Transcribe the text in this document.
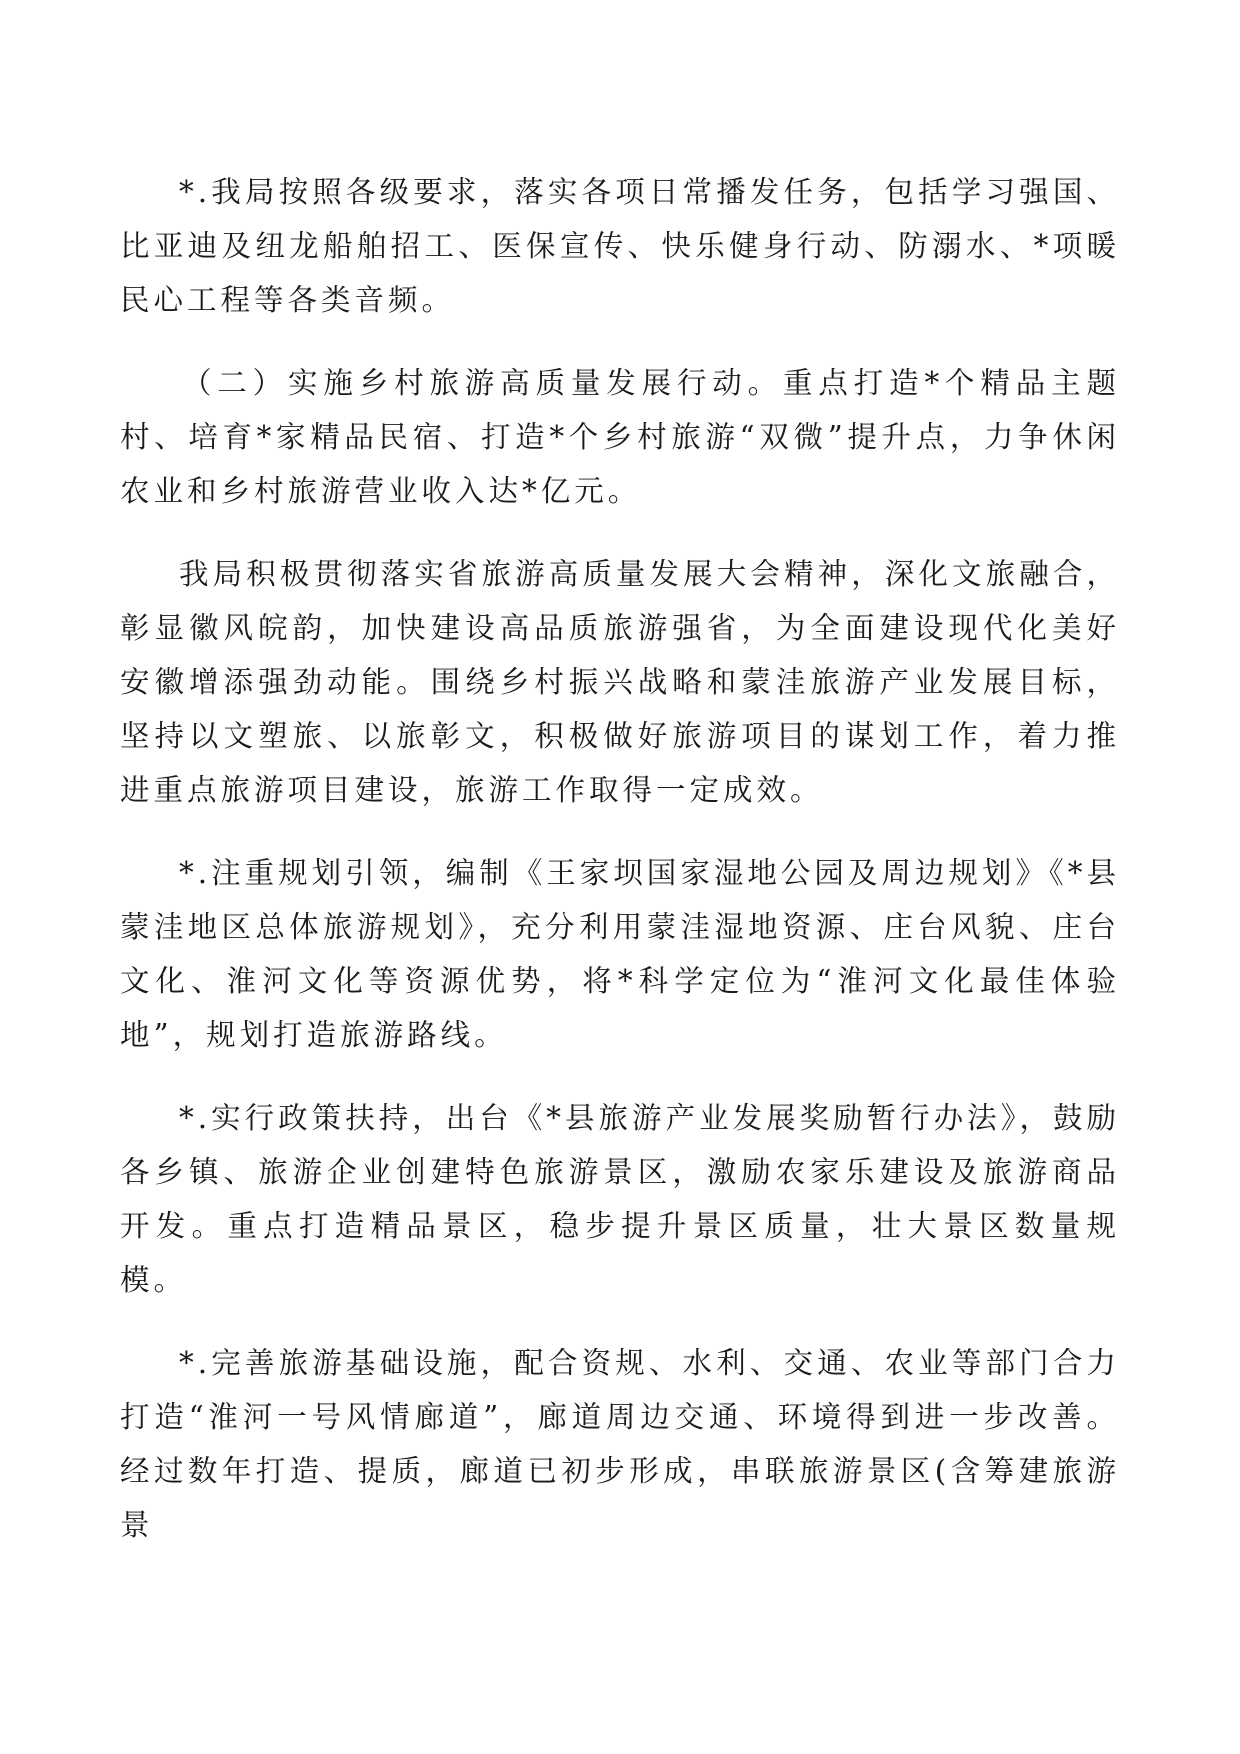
*.我局按照各级要求，落实各项日常播发任务，包括学习强国、比亚迪及纽龙船舶招工、医保宣传、快乐健身行动、防溺水、*项暖民心工程等各类音频。

（二）实施乡村旅游高质量发展行动。重点打造*个精品主题村、培育*家精品民宿、打造*个乡村旅游“双微”提升点，力争休闲农业和乡村旅游营业收入达*亿元。

我局积极贯彻落实省旅游高质量发展大会精神，深化文旅融合，彰显徽风皖韵，加快建设高品质旅游强省，为全面建设现代化美好安徽增添强劲动能。围绕乡村振兴战略和蒙洼旅游产业发展目标，坚持以文塑旅、以旅彰文，积极做好旅游项目的谋划工作，着力推进重点旅游项目建设，旅游工作取得一定成效。

*.注重规划引领，编制《王家坝国家湿地公园及周边规划》《*县蒙洼地区总体旅游规划》，充分利用蒙洼湿地资源、庄台风貌、庄台文化、淮河文化等资源优势，将*科学定位为“淮河文化最佳体验地”，规划打造旅游路线。

*.实行政策扶持，出台《*县旅游产业发展奖励暂行办法》，鼓励各乡镇、旅游企业创建特色旅游景区，激励农家乐建设及旅游商品开发。重点打造精品景区，稳步提升景区质量，壮大景区数量规模。

*.完善旅游基础设施，配合资规、水利、交通、农业等部门合力打造“淮河一号风情廊道”，廊道周边交通、环境得到进一步改善。经过数年打造、提质，廊道已初步形成，串联旅游景区(含筹建旅游景
